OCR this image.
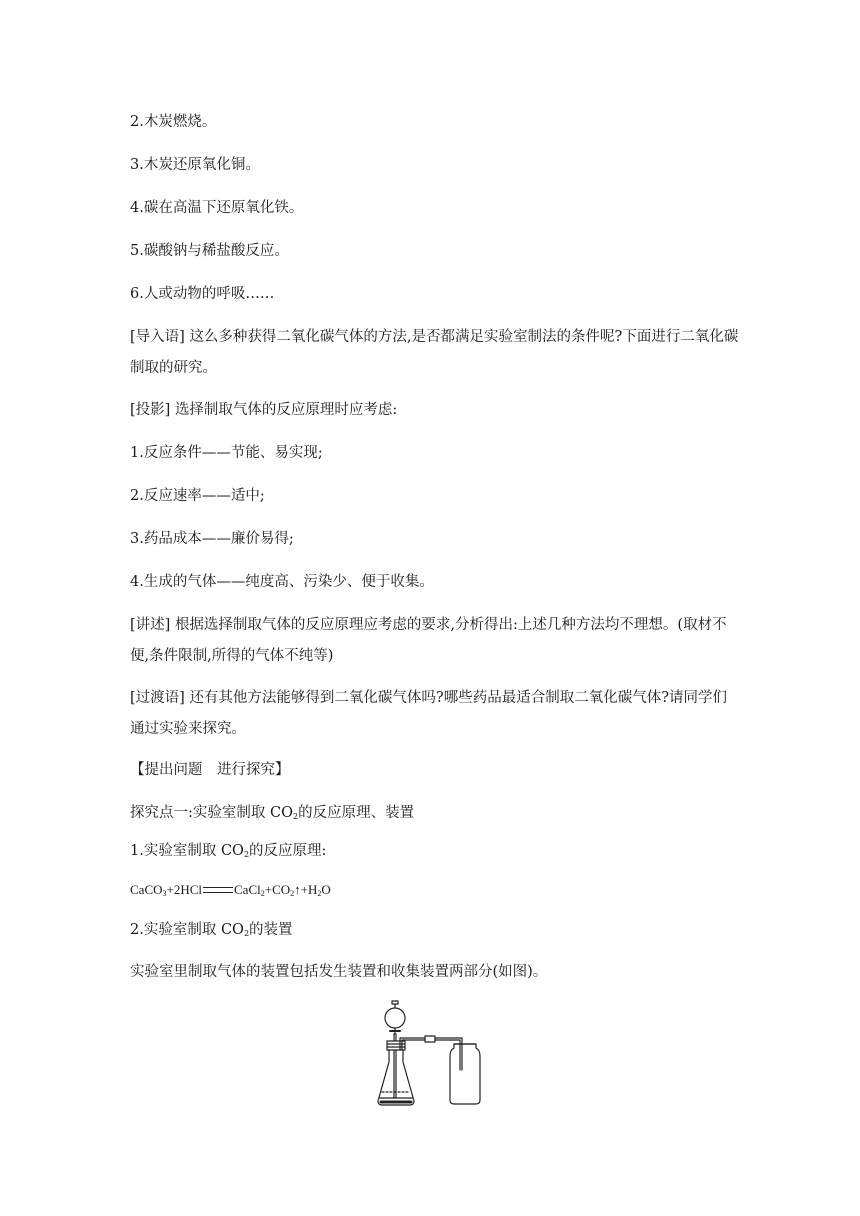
2.木炭燃烧。
3.木炭还原氧化铜。
4.碳在高温下还原氧化铁。
5.碳酸钠与稀盐酸反应。
6.人或动物的呼吸……
[导入语] 这么多种获得二氧化碳气体的方法,是否都满足实验室制法的条件呢?下面进行二氧化碳制取的研究。
[投影] 选择制取气体的反应原理时应考虑:
1.反应条件——节能、易实现;
2.反应速率——适中;
3.药品成本——廉价易得;
4.生成的气体——纯度高、污染少、便于收集。
[讲述] 根据选择制取气体的反应原理应考虑的要求,分析得出:上述几种方法均不理想。(取材不便,条件限制,所得的气体不纯等)
[过渡语] 还有其他方法能够得到二氧化碳气体吗?哪些药品最适合制取二氧化碳气体?请同学们通过实验来探究。
【提出问题　进行探究】
探究点一:实验室制取 $CO_2$的反应原理、装置
1.实验室制取 $CO_2$的反应原理:
CaCO$_3$+2HCl $CaCl_2+CO_2↑+H_2O$
2.实验室制取 $CO_2$的装置
实验室里制取气体的装置包括发生装置和收集装置两部分(如图)。
